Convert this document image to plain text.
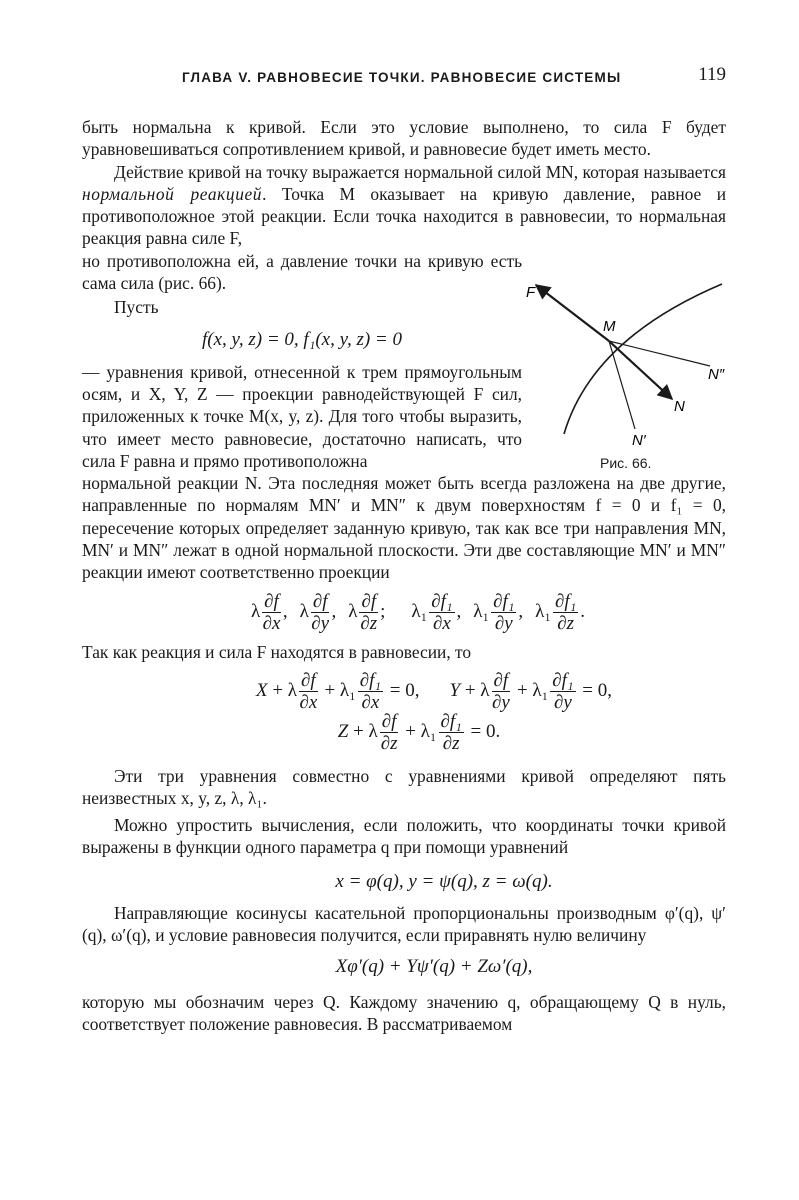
ГЛАВА V. РАВНОВЕСИЕ ТОЧКИ. РАВНОВЕСИЕ СИСТЕМЫ	119

быть нормальна к кривой. Если это условие выполнено, то сила F будет уравновешиваться сопротивлением кривой, и равновесие будет иметь место.

Действие кривой на точку выражается нормальной силой MN, которая называется нормальной реакцией. Точка M оказывает на кривую давление, равное и противоположное этой реакции. Если точка находится в равновесии, то нормальная реакция равна силе F,

но противоположна ей, а давление точки на кривую есть сама сила (рис. 66).

Пусть

f(x, y, z) = 0, f₁(x, y, z) = 0

— уравнения кривой, отнесенной к трем прямоугольным осям, и X, Y, Z — проекции равнодействующей F сил, приложенных к точке M(x, y, z). Для того чтобы выразить, что имеет место равновесие, достаточно написать, что сила F равна и прямо противоположна

нормальной реакции N. Эта последняя может быть всегда разложена на две другие, направленные по нормалям MN′ и MN″ к двум поверхностям f = 0 и f₁ = 0, пересечение которых определяет заданную кривую, так как все три направления MN, MN′ и MN″ лежат в одной нормальной плоскости. Эти две составляющие MN′ и MN″ реакции имеют соответственно проекции

λ $\frac{\partial f}{\partial x}$ , λ $\frac{\partial f}{\partial y}$ , λ $\frac{\partial f}{\partial z}$ ; $\lambda_1 \frac{\text{∂f₁}}{\partial x}$ , $\lambda_1 \frac{\text{∂f₁}}{\partial y}$ , $\lambda_1 \frac{\text{∂f₁}}{\partial z}$ .

Так как реакция и сила F находятся в равновесии, то

X + λ $\frac{\partial f}{\partial x} + \lambda_1 \frac{\text{∂f₁}}{\partial x} = 0$, Y + λ $\frac{\partial f}{\partial y} + \lambda_1 \frac{\text{∂f₁}}{\partial y} = 0$,
Z + λ $\frac{\partial f}{\partial z} + \lambda_1 \frac{\text{∂f₁}}{\partial z} = 0$.

Эти три уравнения совместно с уравнениями кривой определяют пять неизвестных x, y, z, λ, λ₁.

Можно упростить вычисления, если положить, что координаты точки кривой выражены в функции одного параметра q при помощи уравнений

x = φ(q), y = ψ(q), z = ω(q).

Направляющие косинусы касательной пропорциональны производным φ′(q), ψ′(q), ω′(q), и условие равновесия получится, если приравнять нулю величину

Xφ′(q) + Yψ′(q) + Zω′(q),

которую мы обозначим через Q. Каждому значению q, обращающему Q в нуль, соответствует положение равновесия. В рассматриваемом

F
M
N
N′
N″
Рис. 66.
